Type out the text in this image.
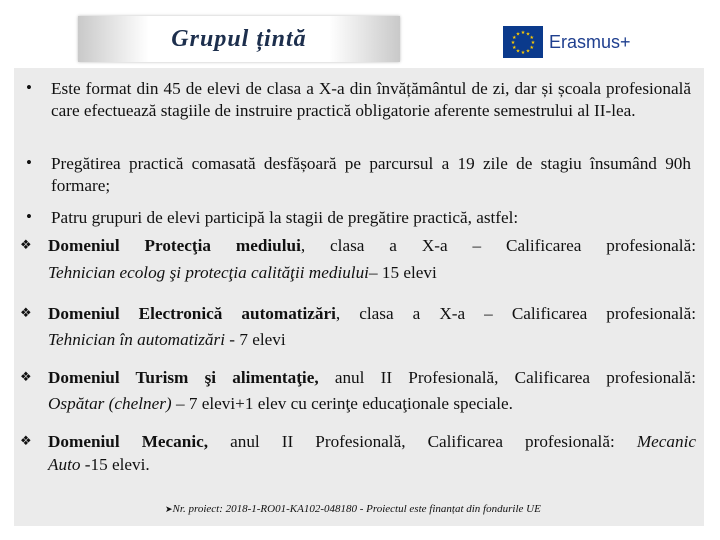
Grupul țintă	★ ★
★
★
★
★
★
★
★
★
★
★ Erasmus+
• Este format din 45 de elevi de clasa a X-a din învățământul de zi, dar și școala profesională care efectuează stagiile de instruire practică obligatorie aferente semestrului al II-lea.
• Pregătirea practică comasată desfășoară pe parcursul a 19 zile de stagiu însumând 90h formare;
• Patru grupuri de elevi participă la stagii de pregătire practică, astfel:
❖ Domeniul Protecţia mediului, clasa a X-a – Calificarea profesională:
Tehnician ecolog şi protecţia calităţii mediului– 15 elevi
❖ Domeniul Electronică automatizări, clasa a X-a – Calificarea profesională:
Tehnician în automatizări - 7 elevi
❖ Domeniul Turism şi alimentaţie, anul II Profesională, Calificarea profesională:
Ospătar (chelner) – 7 elevi+1 elev cu cerinţe educaţionale speciale.
❖ Domeniul Mecanic, anul II Profesională, Calificarea profesională: Mecanic
Auto -15 elevi.
➤Nr. proiect: 2018-1-RO01-KA102-048180 - Proiectul este finanțat din fondurile UE
